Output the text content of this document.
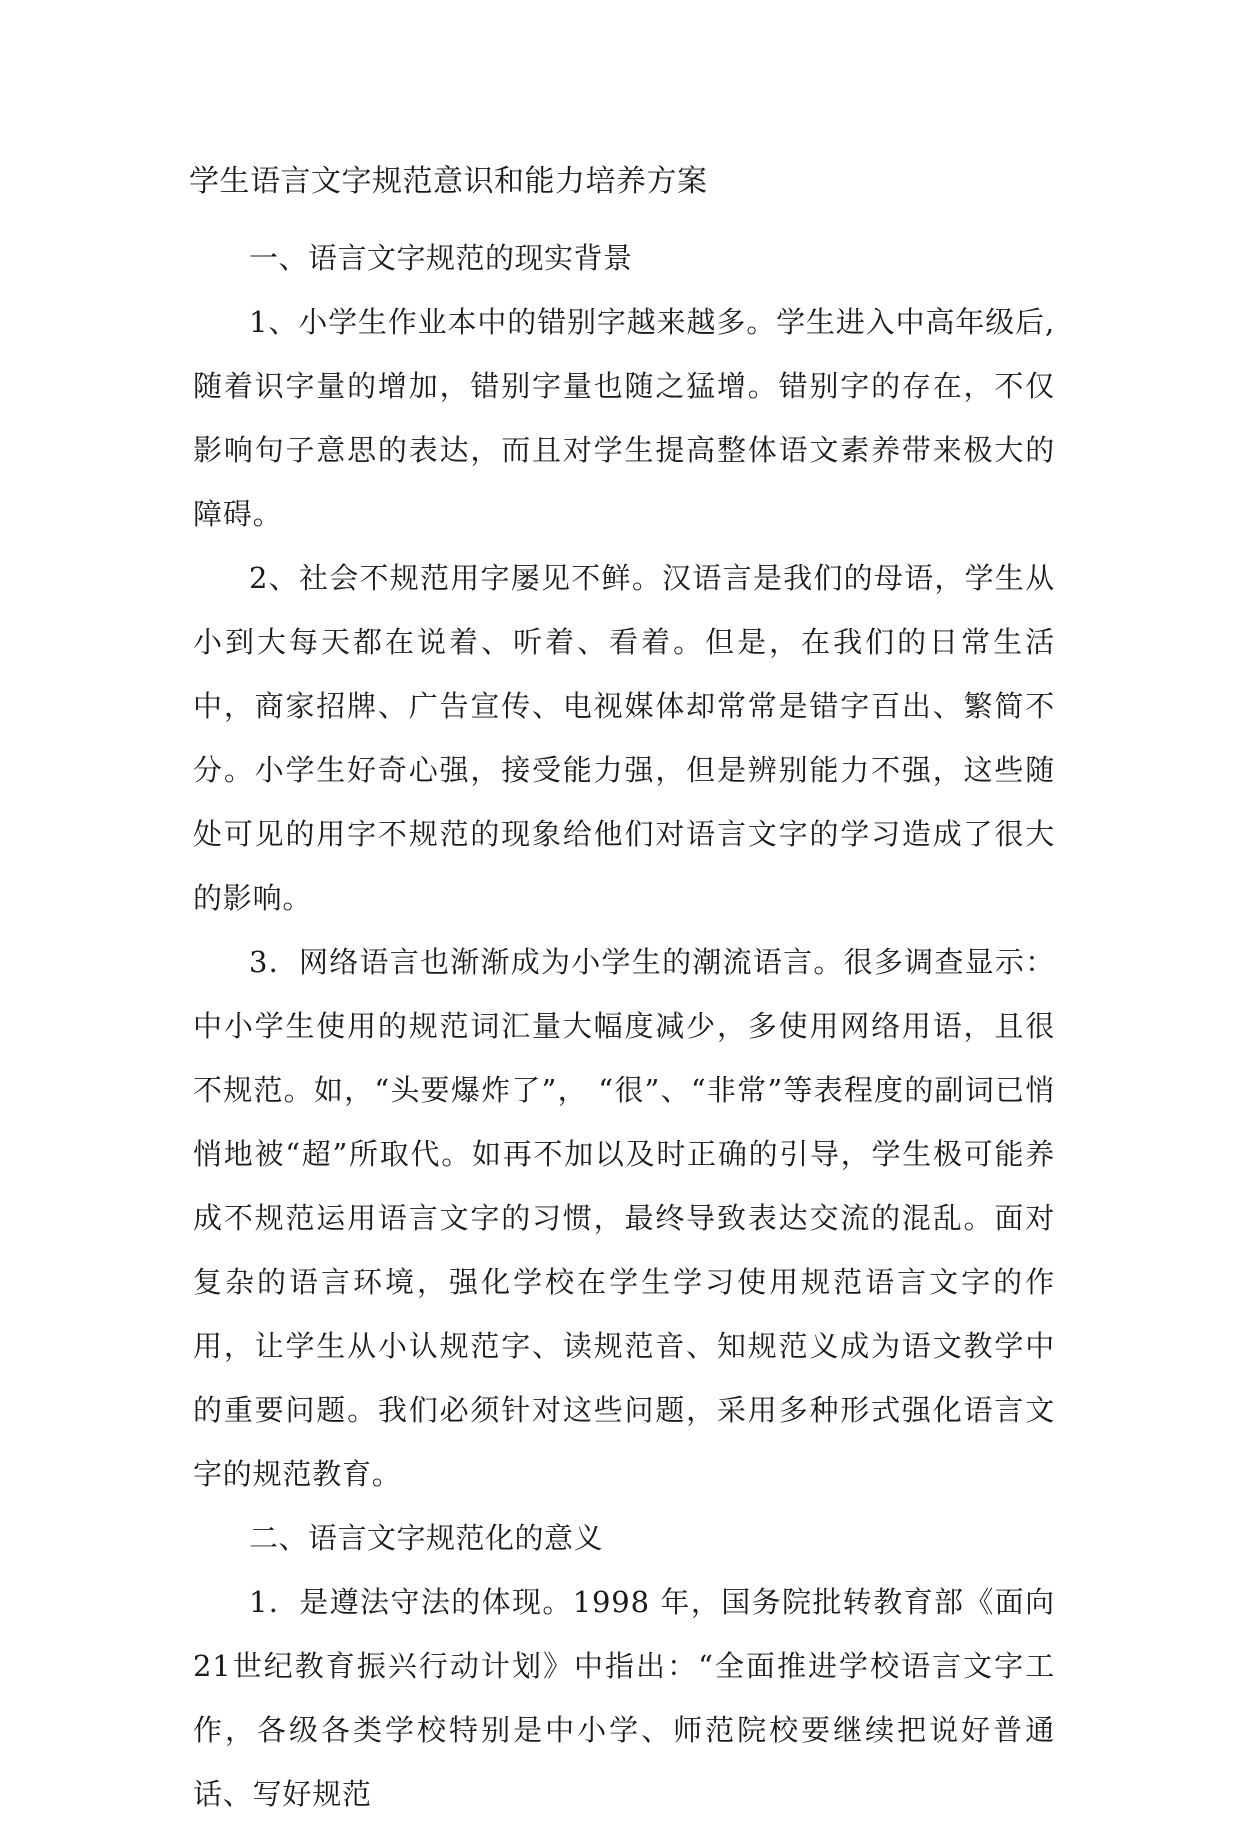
学生语言文字规范意识和能力培养方案

一、语言文字规范的现实背景

1、小学生作业本中的错别字越来越多。学生进入中高年级后,随着识字量的增加，错别字量也随之猛增。错别字的存在，不仅影响句子意思的表达，而且对学生提高整体语文素养带来极大的障碍。

2、社会不规范用字屡见不鲜。汉语言是我们的母语，学生从小到大每天都在说着、听着、看着。但是，在我们的日常生活中，商家招牌、广告宣传、电视媒体却常常是错字百出、繁简不分。小学生好奇心强，接受能力强，但是辨别能力不强，这些随处可见的用字不规范的现象给他们对语言文字的学习造成了很大的影响。

3．网络语言也渐渐成为小学生的潮流语言。很多调查显示：中小学生使用的规范词汇量大幅度减少，多使用网络用语，且很不规范。如，“头要爆炸了”， “很”、“非常”等表程度的副词已悄悄地被“超”所取代。如再不加以及时正确的引导，学生极可能养成不规范运用语言文字的习惯，最终导致表达交流的混乱。面对复杂的语言环境，强化学校在学生学习使用规范语言文字的作用，让学生从小认规范字、读规范音、知规范义成为语文教学中的重要问题。我们必须针对这些问题，采用多种形式强化语言文字的规范教育。

二、语言文字规范化的意义

1．是遵法守法的体现。1998 年，国务院批转教育部《面向 21世纪教育振兴行动计划》中指出：“全面推进学校语言文字工作，各级各类学校特别是中小学、师范院校要继续把说好普通话、写好规范
